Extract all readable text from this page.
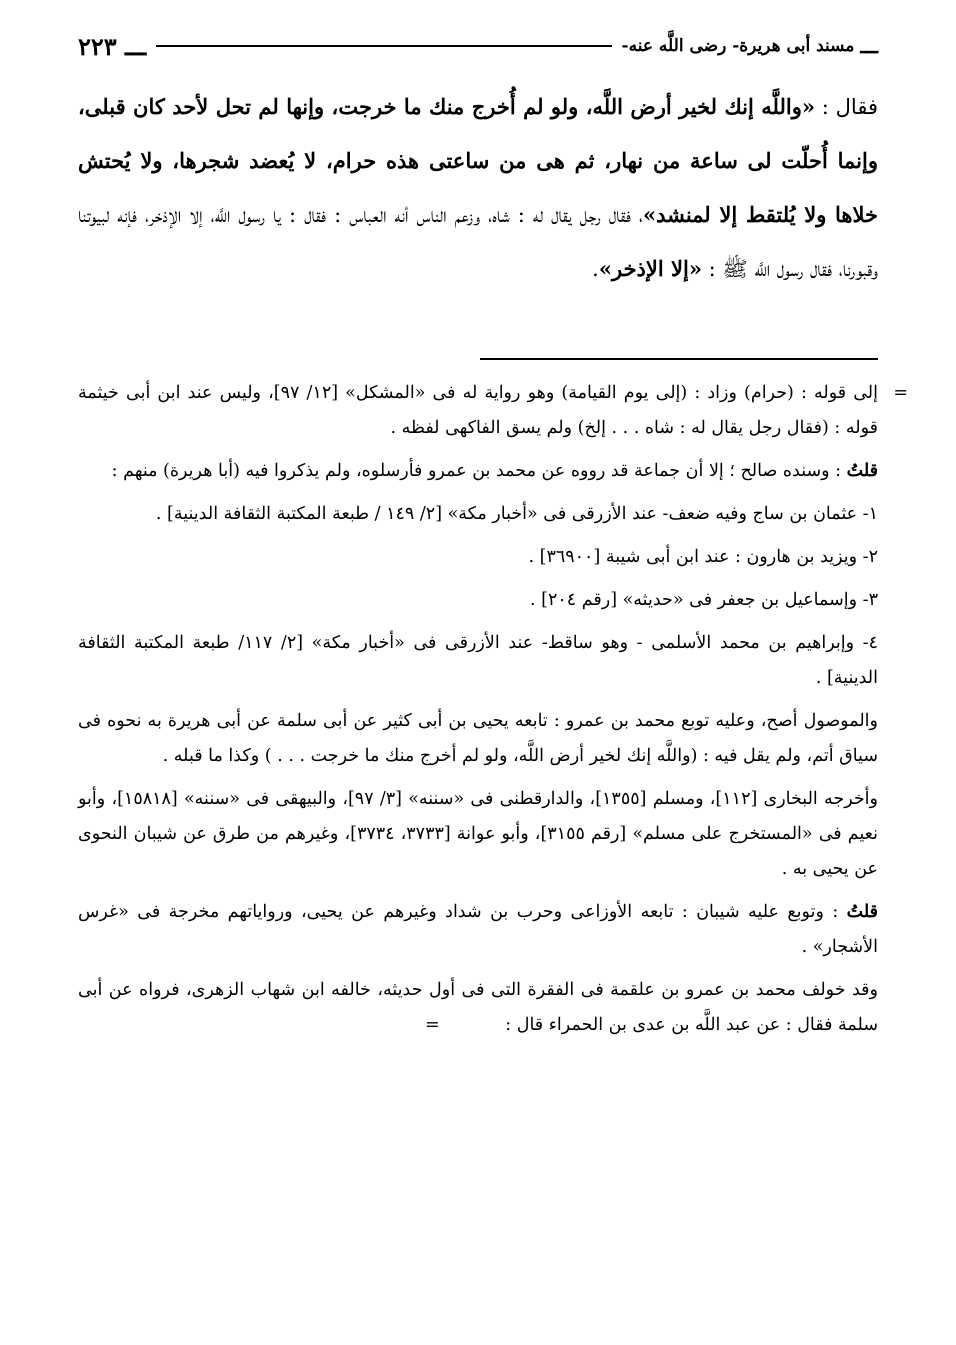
ـــ
مسند أبى هريرة- رضى اللَّه عنه-
ـــ ٢٢٣
فقال : «واللَّه إنك لخير أرض اللَّه، ولو لم أُخرج منك ما خرجت، وإنها لم تحل لأحد كان قبلى، وإنما أُحلّت لى ساعة من نهار، ثم هى من ساعتى هذه حرام، لا يُعضد شجرها، ولا يُحتش خلاها ولا يُلتقط إلا لمنشد»، فقال رجل يقال له : شاه، وزعم الناس أنه العباس : فقال : يا رسول اللَّه، إلا الإذخر، فإنه لبيوتنا وقبورنا، فقال رسول اللَّه ﷺ : «إلا الإذخر».

=
إلى قوله : (حرام) وزاد : (إلى يوم القيامة) وهو رواية له فى «المشكل» [١٢/ ٩٧]، وليس عند ابن أبى خيثمة قوله : (فقال رجل يقال له : شاه . . . إلخ) ولم يسق الفاكهى لفظه .

قلتُ : وسنده صالح ؛ إلا أن جماعة قد رووه عن محمد بن عمرو فأرسلوه، ولم يذكروا فيه (أبا هريرة) منهم :

١- عثمان بن ساج وفيه ضعف- عند الأزرقى فى «أخبار مكة» [٢/ ١٤٩ / طبعة المكتبة الثقافة الدينية] .

٢- ويزيد بن هارون : عند ابن أبى شيبة [٣٦٩٠٠] .

٣- وإسماعيل بن جعفر فى «حديثه» [رقم ٢٠٤] .

٤- وإبراهيم بن محمد الأسلمى - وهو ساقط- عند الأزرقى فى «أخبار مكة» [٢/ ١١٧/ طبعة المكتبة الثقافة الدينية] .

والموصول أصح، وعليه توبع محمد بن عمرو : تابعه يحيى بن أبى كثير عن أبى سلمة عن أبى هريرة به نحوه فى سياق أتم، ولم يقل فيه : (واللَّه إنك لخير أرض اللَّه، ولو لم أخرج منك ما خرجت . . . ) وكذا ما قبله .

وأخرجه البخارى [١١٢]، ومسلم [١٣٥٥]، والدارقطنى فى «سننه» [٣/ ٩٧]، والبيهقى فى «سننه» [١٥٨١٨]، وأبو نعيم فى «المستخرج على مسلم» [رقم ٣١٥٥]، وأبو عوانة [٣٧٣٣، ٣٧٣٤]، وغيرهم من طرق عن شيبان النحوى عن يحيى به .

قلتُ : وتوبع عليه شيبان : تابعه الأوزاعى وحرب بن شداد وغيرهم عن يحيى، ورواياتهم مخرجة فى «غرس الأشجار» .

وقد خولف محمد بن عمرو بن علقمة فى الفقرة التى فى أول حديثه، خالفه ابن شهاب الزهرى، فرواه عن أبى سلمة فقال : عن عبد اللَّه بن عدى بن الحمراء قال : =
